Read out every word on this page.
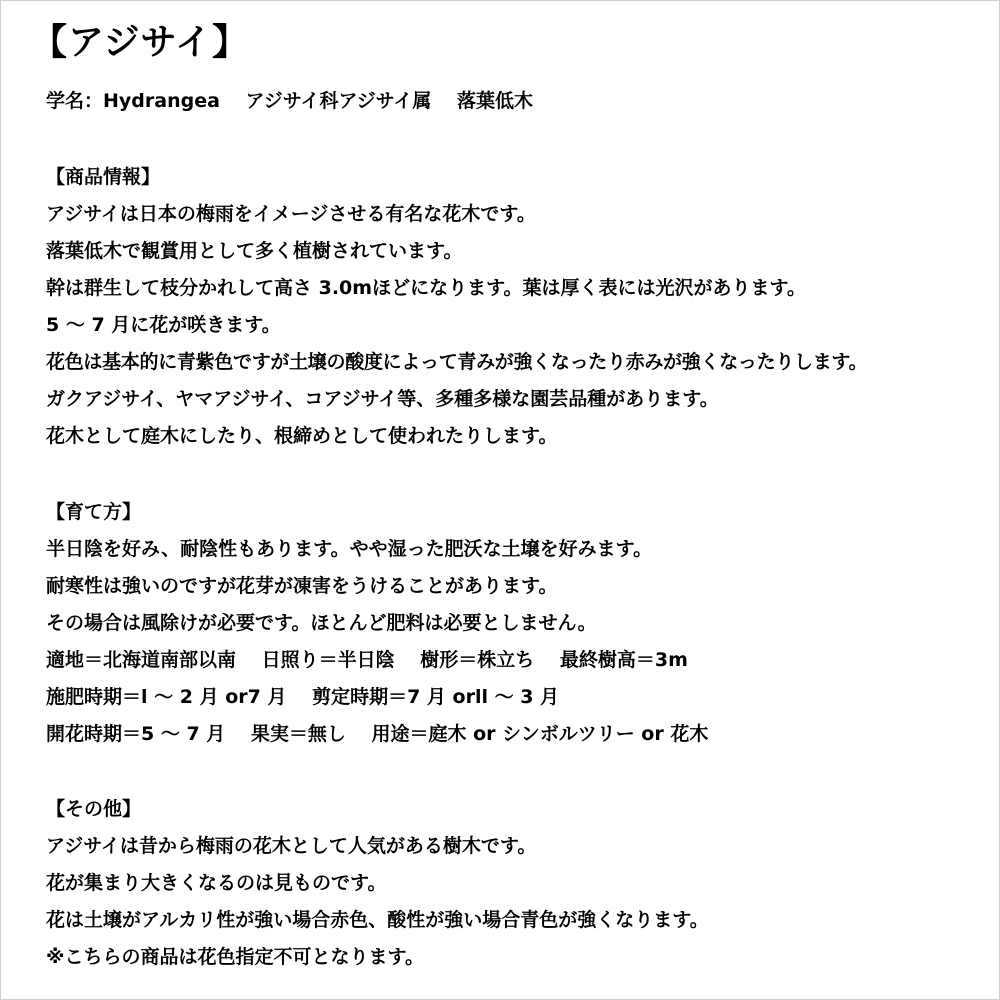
【アジサイ】
学名：Hydrangea　 アジサイ科アジサイ属　 落葉低木
【商品情報】
アジサイは日本の梅雨をイメージさせる有名な花木です。
落葉低木で観賞用として多く植樹されています。
幹は群生して枝分かれして高さ 3.0mほどになります。葉は厚く表には光沢があります。
5 ～ 7 月に花が咲きます。
花色は基本的に青紫色ですが土壌の酸度によって青みが強くなったり赤みが強くなったりします。
ガクアジサイ、ヤマアジサイ、コアジサイ等、多種多様な園芸品種があります。
花木として庭木にしたり、根締めとして使われたりします。
【育て方】
半日陰を好み、耐陰性もあります。やや湿った肥沃な土壌を好みます。
耐寒性は強いのですが花芽が凍害をうけることがあります。
その場合は風除けが必要です。ほとんど肥料は必要としません。
適地＝北海道南部以南　 日照り＝半日陰　 樹形＝株立ち　 最終樹高＝3m
施肥時期＝l ～ 2 月 or7 月　 剪定時期＝7 月 orll ～ 3 月
開花時期＝5 ～ 7 月　 果実＝無し　 用途＝庭木 or シンボルツリー or 花木
【その他】
アジサイは昔から梅雨の花木として人気がある樹木です。
花が集まり大きくなるのは見ものです。
花は土壌がアルカリ性が強い場合赤色、酸性が強い場合青色が強くなります。
※こちらの商品は花色指定不可となります。
